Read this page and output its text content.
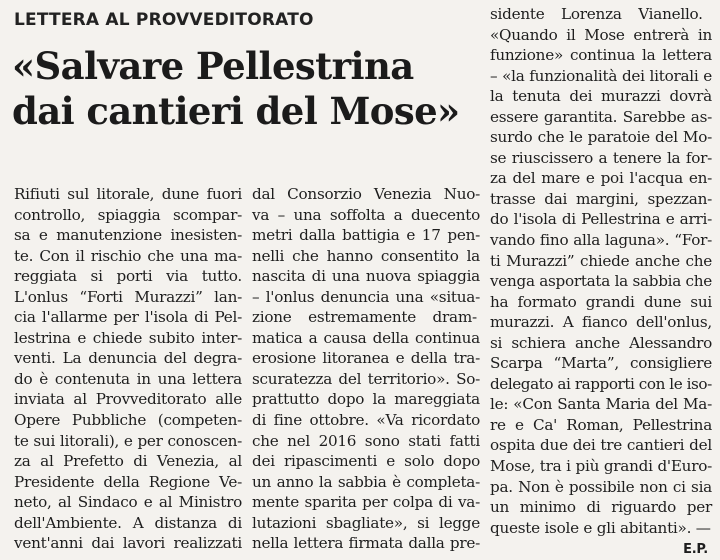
LETTERA AL PROVVEDITORATO
«Salvare Pellestrina
dai cantieri del Mose»
Rifiuti sul litorale, dune fuori
controllo, spiaggia scompar-
sa e manutenzione inesisten-
te. Con il rischio che una ma-
reggiata si porti via tutto.
L'onlus “Forti Murazzi” lan-
cia l'allarme per l'isola di Pel-
lestrina e chiede subito inter-
venti. La denuncia del degra-
do è contenuta in una lettera
inviata al Provveditorato alle
Opere Pubbliche (competen-
te sui litorali), e per conoscen-
za al Prefetto di Venezia, al
Presidente della Regione Ve-
neto, al Sindaco e al Ministro
dell'Ambiente. A distanza di
vent'anni dai lavori realizzati
dal Consorzio Venezia Nuo-
va – una soffolta a duecento
metri dalla battigia e 17 pen-
nelli che hanno consentito la
nascita di una nuova spiaggia
– l'onlus denuncia una «situa-
zione estremamente dram-
matica a causa della continua
erosione litoranea e della tra-
scuratezza del territorio». So-
prattutto dopo la mareggiata
di fine ottobre. «Va ricordato
che nel 2016 sono stati fatti
dei ripascimenti e solo dopo
un anno la sabbia è completa-
mente sparita per colpa di va-
lutazioni sbagliate», si legge
nella lettera firmata dalla pre-
sidente Lorenza Vianello.
«Quando il Mose entrerà in
funzione» continua la lettera
– «la funzionalità dei litorali e
la tenuta dei murazzi dovrà
essere garantita. Sarebbe as-
surdo che le paratoie del Mo-
se riuscissero a tenere la for-
za del mare e poi l'acqua en-
trasse dai margini, spezzan-
do l'isola di Pellestrina e arri-
vando fino alla laguna». “For-
ti Murazzi” chiede anche che
venga asportata la sabbia che
ha formato grandi dune sui
murazzi. A fianco dell'onlus,
si schiera anche Alessandro
Scarpa “Marta”, consigliere
delegato ai rapporti con le iso-
le: «Con Santa Maria del Ma-
re e Ca' Roman, Pellestrina
ospita due dei tre cantieri del
Mose, tra i più grandi d'Euro-
pa. Non è possibile non ci sia
un minimo di riguardo per
queste isole e gli abitanti». —
E.P.
